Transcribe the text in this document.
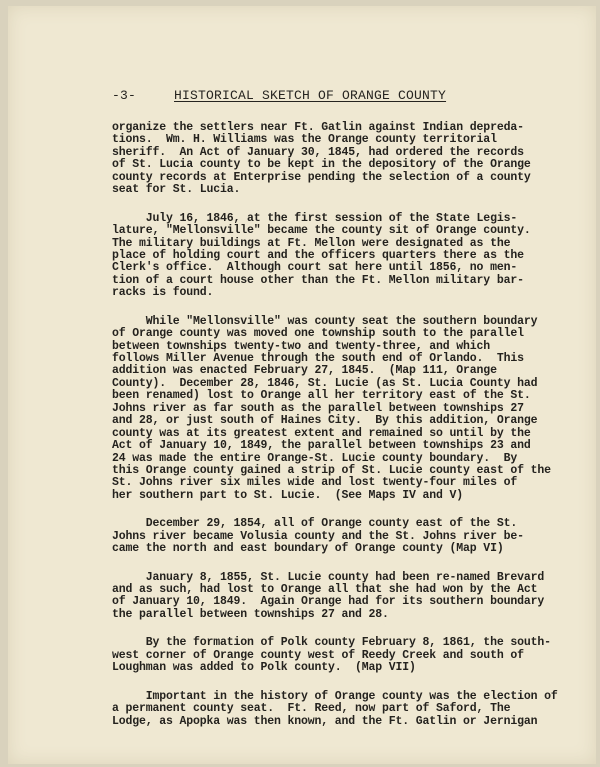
-3-	HISTORICAL SKETCH OF ORANGE COUNTY
organize the settlers near Ft. Gatlin against Indian depreda-
tions.  Wm. H. Williams was the Orange county territorial
sheriff.  An Act of January 30, 1845, had ordered the records
of St. Lucia county to be kept in the depository of the Orange
county records at Enterprise pending the selection of a county
seat for St. Lucia.
July 16, 1846, at the first session of the State Legis-
lature, "Mellonsville" became the county sit of Orange county.
The military buildings at Ft. Mellon were designated as the
place of holding court and the officers quarters there as the
Clerk's office.  Although court sat here until 1856, no men-
tion of a court house other than the Ft. Mellon military bar-
racks is found.
While "Mellonsville" was county seat the southern boundary
of Orange county was moved one township south to the parallel
between townships twenty-two and twenty-three, and which
follows Miller Avenue through the south end of Orlando.  This
addition was enacted February 27, 1845.  (Map 111, Orange
County).  December 28, 1846, St. Lucie (as St. Lucia County had
been renamed) lost to Orange all her territory east of the St.
Johns river as far south as the parallel between townships 27
and 28, or just south of Haines City.  By this addition, Orange
county was at its greatest extent and remained so until by the
Act of January 10, 1849, the parallel between townships 23 and
24 was made the entire Orange-St. Lucie county boundary.  By
this Orange county gained a strip of St. Lucie county east of the
St. Johns river six miles wide and lost twenty-four miles of
her southern part to St. Lucie.  (See Maps IV and V)
December 29, 1854, all of Orange county east of the St.
Johns river became Volusia county and the St. Johns river be-
came the north and east boundary of Orange county (Map VI)
January 8, 1855, St. Lucie county had been re-named Brevard
and as such, had lost to Orange all that she had won by the Act
of January 10, 1849.  Again Orange had for its southern boundary
the parallel between townships 27 and 28.
By the formation of Polk county February 8, 1861, the south-
west corner of Orange county west of Reedy Creek and south of
Loughman was added to Polk county.  (Map VII)
Important in the history of Orange county was the election of
a permanent county seat.  Ft. Reed, now part of Saford, The
Lodge, as Apopka was then known, and the Ft. Gatlin or Jernigan
